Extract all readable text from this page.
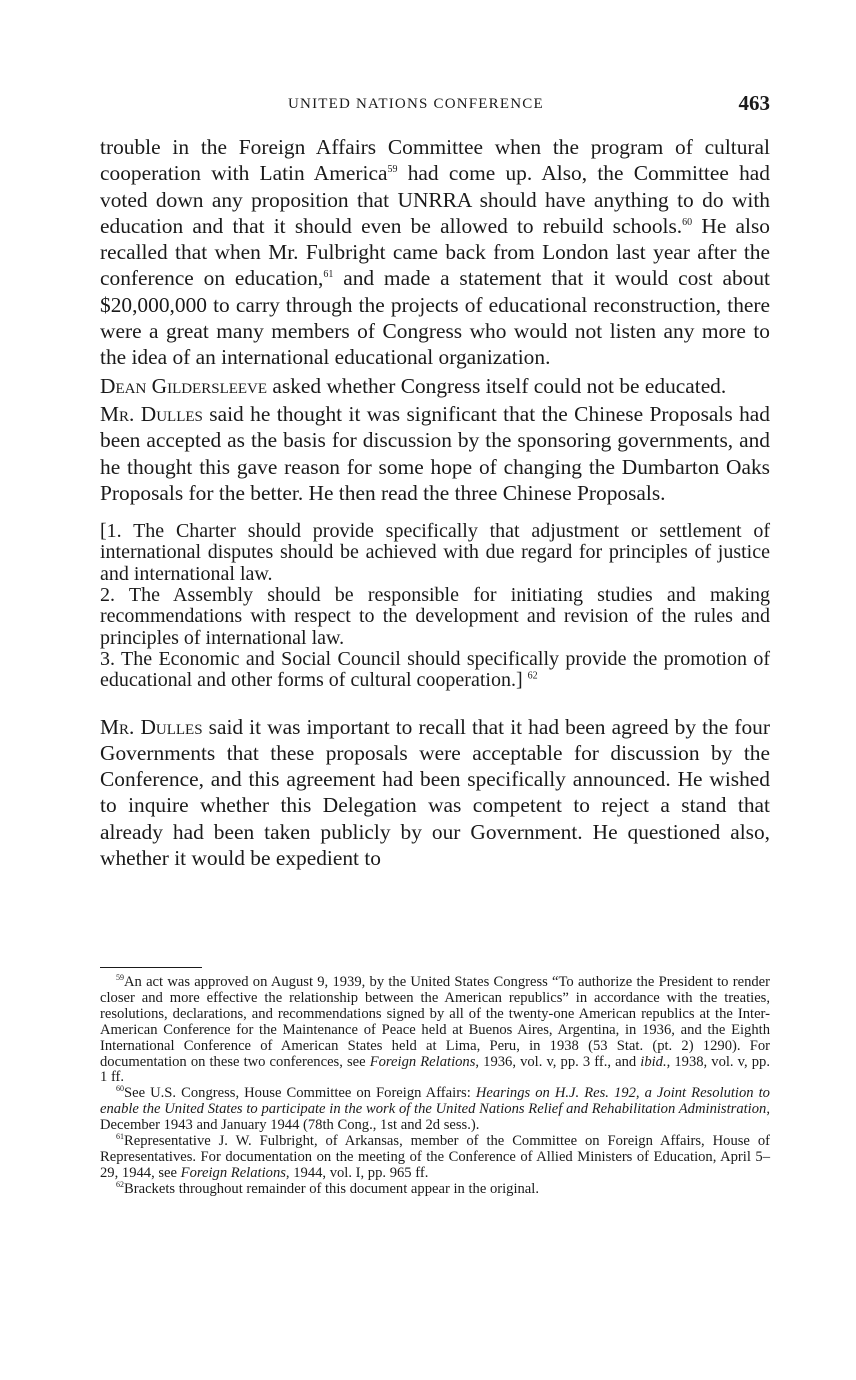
UNITED NATIONS CONFERENCE	463

trouble in the Foreign Affairs Committee when the program of cultural cooperation with Latin America$^{59}$ had come up. Also, the Committee had voted down any proposition that UNRRA should have anything to do with education and that it should even be allowed to rebuild schools.$^{60}$ He also recalled that when Mr. Fulbright came back from London last year after the conference on education,$^{61}$ and made a statement that it would cost about $20,000,000 to carry through the projects of educational reconstruction, there were a great many members of Congress who would not listen any more to the idea of an international educational organization.

Dean Gildersleeve asked whether Congress itself could not be educated.

Mr. Dulles said he thought it was significant that the Chinese Proposals had been accepted as the basis for discussion by the sponsoring governments, and he thought this gave reason for some hope of changing the Dumbarton Oaks Proposals for the better. He then read the three Chinese Proposals.

[1. The Charter should provide specifically that adjustment or settlement of international disputes should be achieved with due regard for principles of justice and international law.

2. The Assembly should be responsible for initiating studies and making recommendations with respect to the development and revision of the rules and principles of international law.

3. The Economic and Social Council should specifically provide the promotion of educational and other forms of cultural cooperation.] $^{62}$

Mr. Dulles said it was important to recall that it had been agreed by the four Governments that these proposals were acceptable for discussion by the Conference, and this agreement had been specifically announced. He wished to inquire whether this Delegation was competent to reject a stand that already had been taken publicly by our Government. He questioned also, whether it would be expedient to

$^{59}$An act was approved on August 9, 1939, by the United States Congress “To authorize the President to render closer and more effective the relationship between the American republics” in accordance with the treaties, resolutions, declarations, and recommendations signed by all of the twenty-one American republics at the Inter-American Conference for the Maintenance of Peace held at Buenos Aires, Argentina, in 1936, and the Eighth International Conference of American States held at Lima, Peru, in 1938 (53 Stat. (pt. 2) 1290). For documentation on these two conferences, see Foreign Relations, 1936, vol. v, pp. 3 ff., and ibid., 1938, vol. v, pp. 1 ff.

$^{60}$See U.S. Congress, House Committee on Foreign Affairs: Hearings on H.J. Res. 192, a Joint Resolution to enable the United States to participate in the work of the United Nations Relief and Rehabilitation Administration, December 1943 and January 1944 (78th Cong., 1st and 2d sess.).

$^{61}$Representative J. W. Fulbright, of Arkansas, member of the Committee on Foreign Affairs, House of Representatives. For documentation on the meeting of the Conference of Allied Ministers of Education, April 5–29, 1944, see Foreign Relations, 1944, vol. I, pp. 965 ff.

$^{62}$Brackets throughout remainder of this document appear in the original.
